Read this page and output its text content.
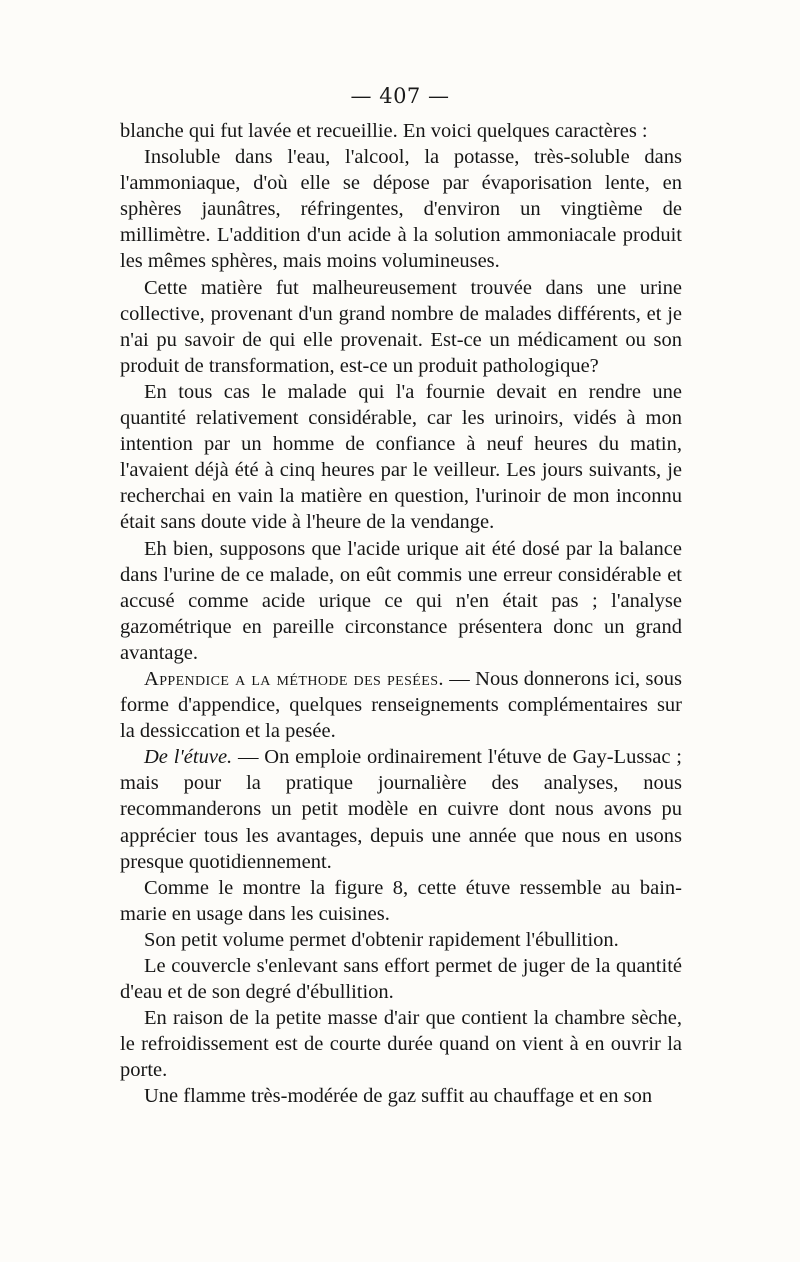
— 407 —

blanche qui fut lavée et recueillie. En voici quelques caractères :

Insoluble dans l'eau, l'alcool, la potasse, très-soluble dans l'ammoniaque, d'où elle se dépose par évaporisation lente, en sphères jaunâtres, réfringentes, d'environ un vingtième de millimètre. L'addition d'un acide à la solution ammoniacale produit les mêmes sphères, mais moins volumineuses.

Cette matière fut malheureusement trouvée dans une urine collective, provenant d'un grand nombre de malades différents, et je n'ai pu savoir de qui elle provenait. Est-ce un médicament ou son produit de transformation, est-ce un produit pathologique?

En tous cas le malade qui l'a fournie devait en rendre une quantité relativement considérable, car les urinoirs, vidés à mon intention par un homme de confiance à neuf heures du matin, l'avaient déjà été à cinq heures par le veilleur. Les jours suivants, je recherchai en vain la matière en question, l'urinoir de mon inconnu était sans doute vide à l'heure de la vendange.

Eh bien, supposons que l'acide urique ait été dosé par la balance dans l'urine de ce malade, on eût commis une erreur considérable et accusé comme acide urique ce qui n'en était pas ; l'analyse gazométrique en pareille circonstance présentera donc un grand avantage.

Appendice a la méthode des pesées. — Nous donnerons ici, sous forme d'appendice, quelques renseignements complémentaires sur la dessiccation et la pesée.

De l'étuve. — On emploie ordinairement l'étuve de Gay-Lussac ; mais pour la pratique journalière des analyses, nous recommanderons un petit modèle en cuivre dont nous avons pu apprécier tous les avantages, depuis une année que nous en usons presque quotidiennement.

Comme le montre la figure 8, cette étuve ressemble au bain-marie en usage dans les cuisines.

Son petit volume permet d'obtenir rapidement l'ébullition.

Le couvercle s'enlevant sans effort permet de juger de la quantité d'eau et de son degré d'ébullition.

En raison de la petite masse d'air que contient la chambre sèche, le refroidissement est de courte durée quand on vient à en ouvrir la porte.

Une flamme très-modérée de gaz suffit au chauffage et en son
